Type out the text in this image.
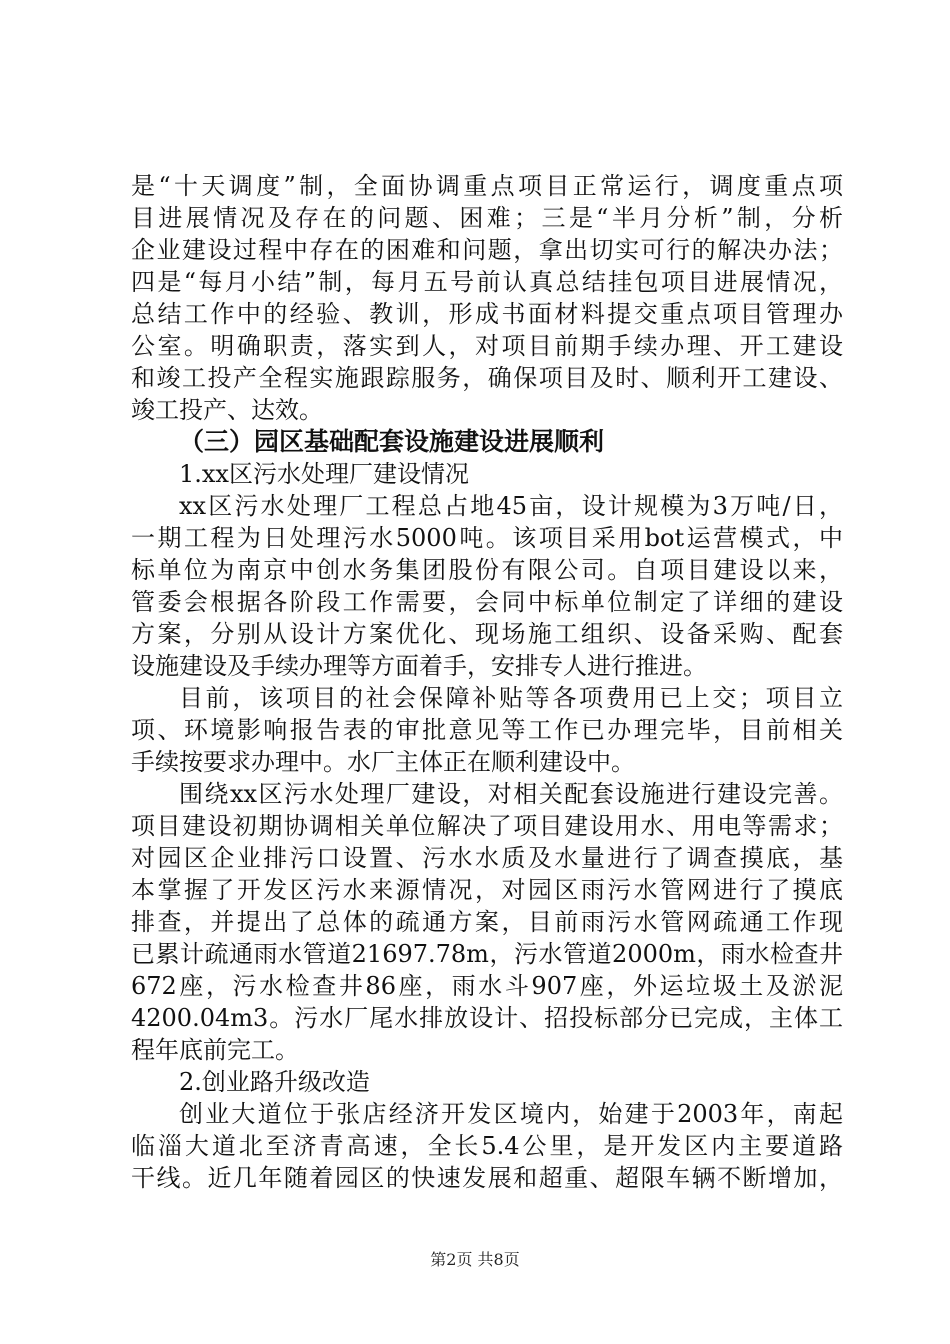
是“十天调度”制，全面协调重点项目正常运行，调度重点项
目进展情况及存在的问题、困难；三是“半月分析”制，分析
企业建设过程中存在的困难和问题，拿出切实可行的解决办法；
四是“每月小结”制，每月五号前认真总结挂包项目进展情况，
总结工作中的经验、教训，形成书面材料提交重点项目管理办
公室。明确职责，落实到人，对项目前期手续办理、开工建设
和竣工投产全程实施跟踪服务，确保项目及时、顺利开工建设、
竣工投产、达效。
（三）园区基础配套设施建设进展顺利
1.xx区污水处理厂建设情况
xx区污水处理厂工程总占地45亩，设计规模为3万吨/日，
一期工程为日处理污水5000吨。该项目采用bot运营模式，中
标单位为南京中创水务集团股份有限公司。自项目建设以来，
管委会根据各阶段工作需要，会同中标单位制定了详细的建设
方案，分别从设计方案优化、现场施工组织、设备采购、配套
设施建设及手续办理等方面着手，安排专人进行推进。
目前，该项目的社会保障补贴等各项费用已上交；项目立
项、环境影响报告表的审批意见等工作已办理完毕，目前相关
手续按要求办理中。水厂主体正在顺利建设中。
围绕xx区污水处理厂建设，对相关配套设施进行建设完善。
项目建设初期协调相关单位解决了项目建设用水、用电等需求；
对园区企业排污口设置、污水水质及水量进行了调查摸底，基
本掌握了开发区污水来源情况，对园区雨污水管网进行了摸底
排查，并提出了总体的疏通方案，目前雨污水管网疏通工作现
已累计疏通雨水管道21697.78m，污水管道2000m，雨水检查井
672座，污水检查井86座，雨水斗907座，外运垃圾土及淤泥
4200.04m3。污水厂尾水排放设计、招投标部分已完成，主体工
程年底前完工。
2.创业路升级改造
创业大道位于张店经济开发区境内，始建于2003年，南起
临淄大道北至济青高速，全长5.4公里，是开发区内主要道路
干线。近几年随着园区的快速发展和超重、超限车辆不断增加，
第2页 共8页
